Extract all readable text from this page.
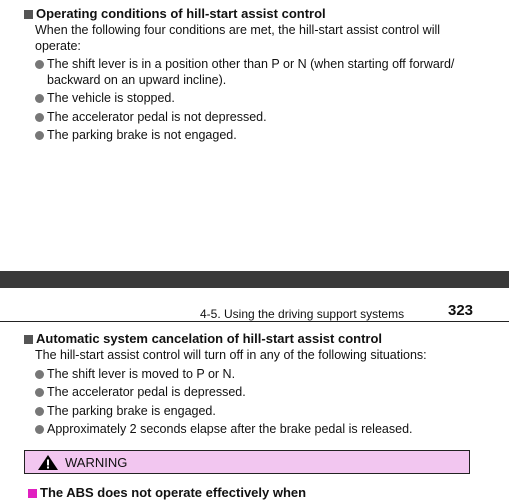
Operating conditions of hill-start assist control
When the following four conditions are met, the hill-start assist control will operate:
The shift lever is in a position other than P or N (when starting off forward/ backward on an upward incline).
The vehicle is stopped.
The accelerator pedal is not depressed.
The parking brake is not engaged.
4-5. Using the driving support systems	323
Automatic system cancelation of hill-start assist control
The hill-start assist control will turn off in any of the following situations:
The shift lever is moved to P or N.
The accelerator pedal is depressed.
The parking brake is engaged.
Approximately 2 seconds elapse after the brake pedal is released.
WARNING
The ABS does not operate effectively when
